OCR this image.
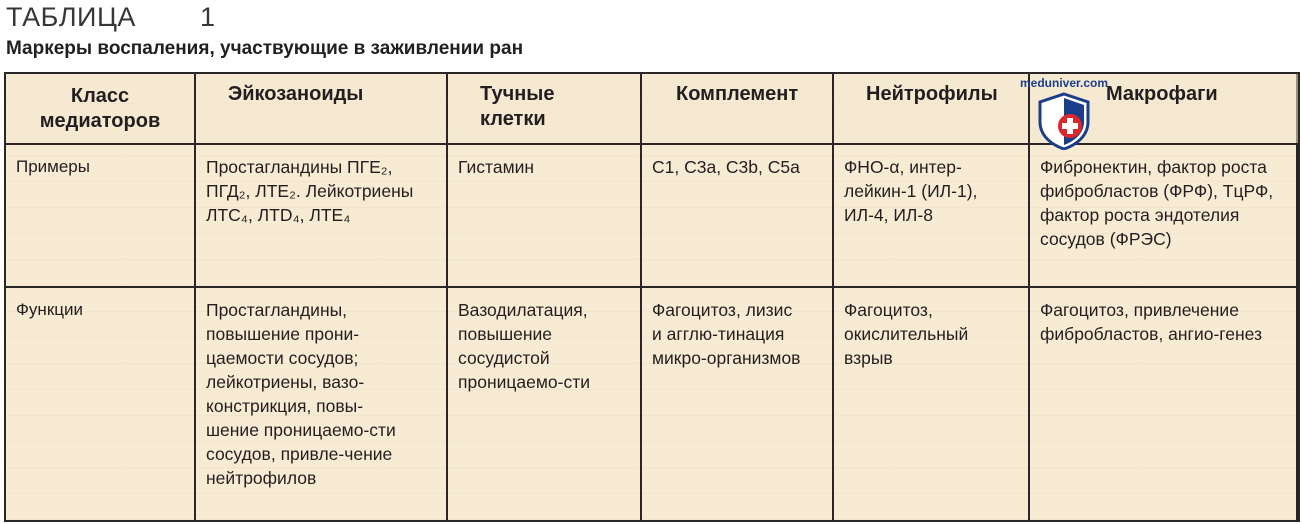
ТАБЛИЦА 1
Маркеры воспаления, участвующие в заживлении ран
Класс медиаторов	Эйкозаноиды	Тучные клетки	Комплемент	Нейтрофилы	Макрофаги

Примеры	Простагландины ПГЕ₂, ПГД₂, ЛТЕ₂. Лейкотриены ЛТС₄, ЛТD₄, ЛТЕ₄	Гистамин	С1, С3а, С3b, С5а	ФНО-α, интер-лейкин-1 (ИЛ-1), ИЛ-4, ИЛ-8	Фибронектин, фактор роста фибробластов (ФРФ), ТцРФ, фактор роста эндотелия сосудов (ФРЭС)

Функции	Простагландины, повышение прони-цаемости сосудов; лейкотриены, вазо-констрикция, повы-шение проницаемо-сти сосудов, привле-чение нейтрофилов	Вазодилатация, повышение сосудистой проницаемо-сти	Фагоцитоз, лизис и агглю-тинация микро-организмов	Фагоцитоз, окислительный взрыв	Фагоцитоз, привлечение фибробластов, ангио-генез
meduniver.com
